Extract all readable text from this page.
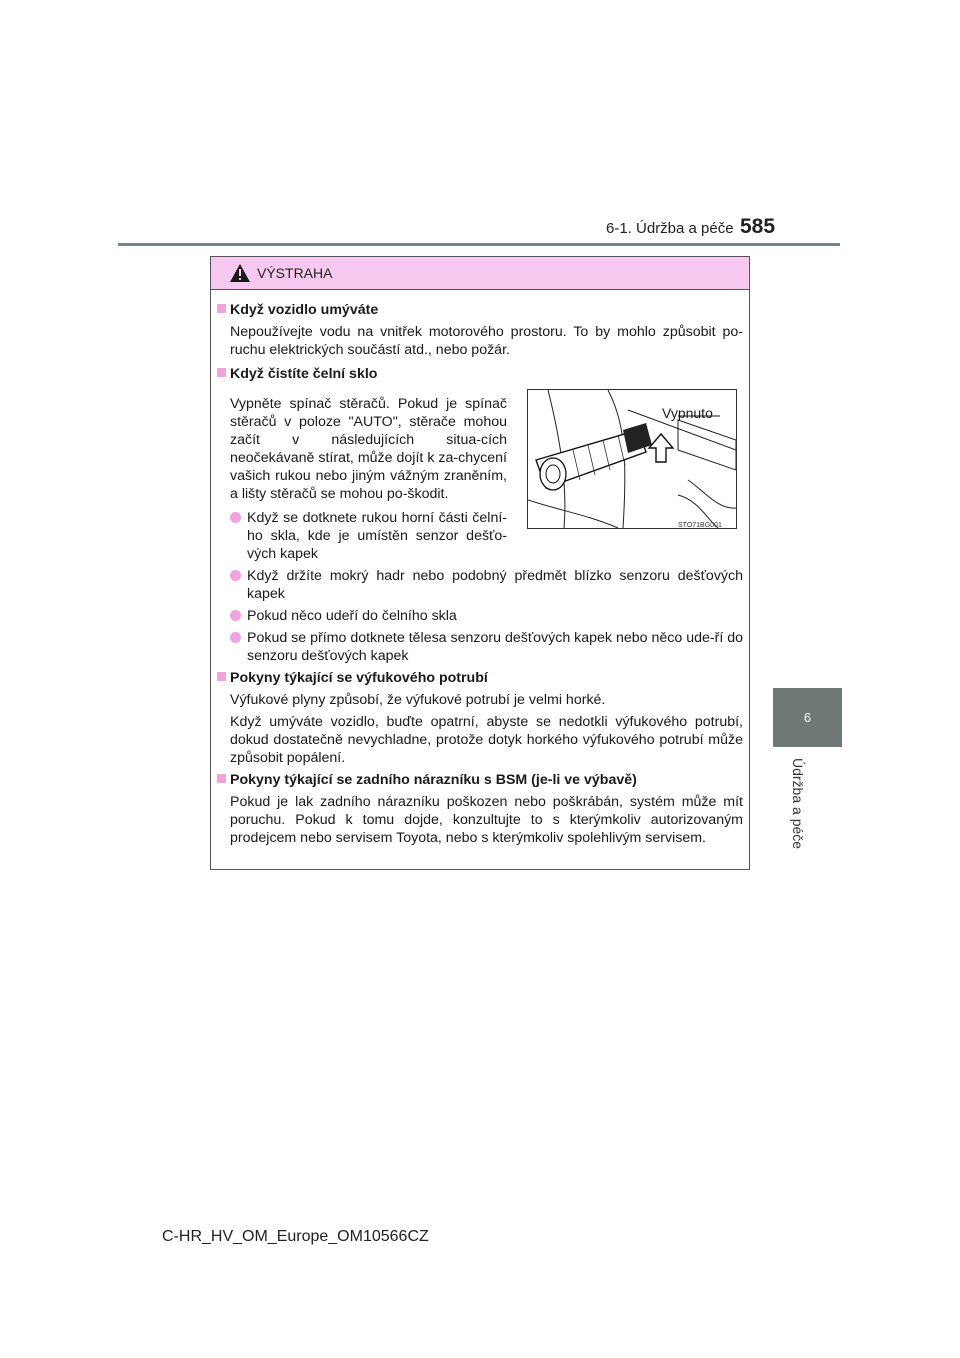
6-1. Údržba a péče 585
6
Údržba a péče
VÝSTRAHA
Když vozidlo umýváte
Nepoužívejte vodu na vnitřek motorového prostoru. To by mohlo způsobit po-ruchu elektrických součástí atd., nebo požár.
Když čistíte čelní sklo
Vypněte spínač stěračů. Pokud je spínač stěračů v poloze "AUTO", stěrače mohou začít v následujících situa-cích neočekávaně stírat, může dojít k za-chycení vašich rukou nebo jiným vážným zraněním, a lišty stěračů se mohou po-škodit.
Když se dotknete rukou horní části čelní-ho skla, kde je umístěn senzor dešťo-vých kapek
Vypnuto
STO71BG001
Když držíte mokrý hadr nebo podobný předmět blízko senzoru dešťových kapek
Pokud něco udeří do čelního skla
Pokud se přímo dotknete tělesa senzoru dešťových kapek nebo něco ude-ří do senzoru dešťových kapek
Pokyny týkající se výfukového potrubí
Výfukové plyny způsobí, že výfukové potrubí je velmi horké.
Když umýváte vozidlo, buďte opatrní, abyste se nedotkli výfukového potrubí, dokud dostatečně nevychladne, protože dotyk horkého výfukového potrubí může způsobit popálení.
Pokyny týkající se zadního nárazníku s BSM (je-li ve výbavě)
Pokud je lak zadního nárazníku poškozen nebo poškrábán, systém může mít poruchu. Pokud k tomu dojde, konzultujte to s kterýmkoliv autorizovaným prodejcem nebo servisem Toyota, nebo s kterýmkoliv spolehlivým servisem.
C-HR_HV_OM_Europe_OM10566CZ
